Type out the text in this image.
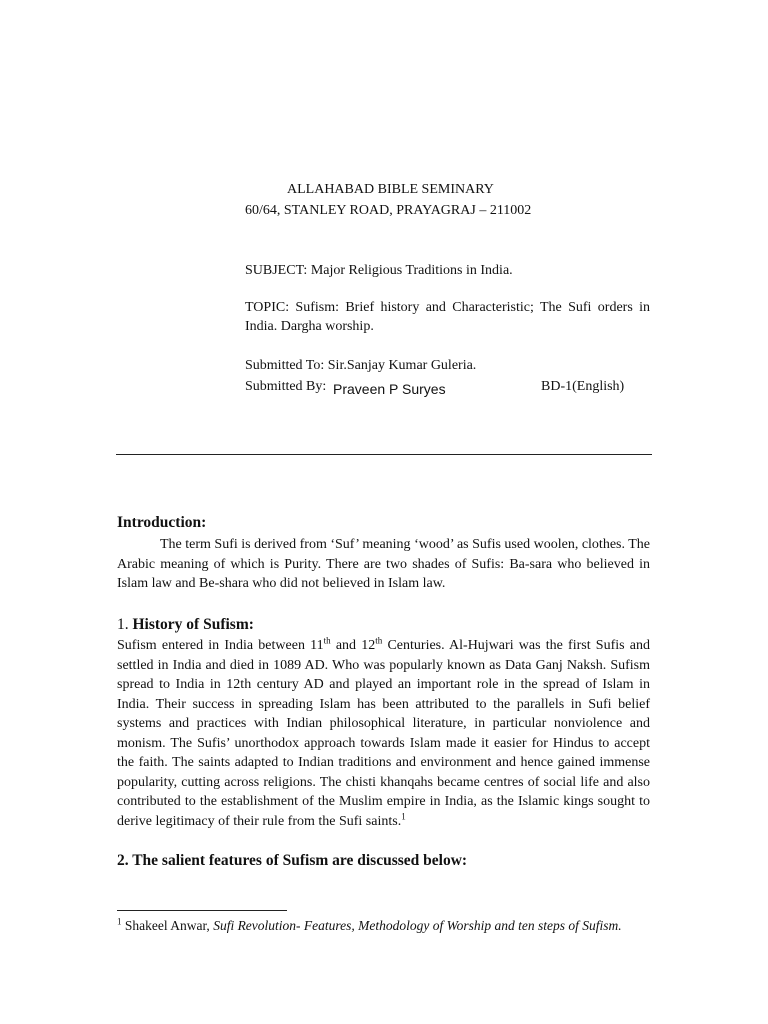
ALLAHABAD BIBLE SEMINARY
60/64, STANLEY ROAD, PRAYAGRAJ – 211002
SUBJECT: Major Religious Traditions in India.
TOPIC: Sufism: Brief history and Characteristic; The Sufi orders in India. Dargha worship.
Submitted To: Sir.Sanjay Kumar Guleria.
Submitted By: Praveen P Suryes	BD-1(English)
Introduction:
The term Sufi is derived from ‘Suf’ meaning ‘wood’ as Sufis used woolen, clothes. The Arabic meaning of which is Purity. There are two shades of Sufis: Ba-sara who believed in Islam law and Be-shara who did not believed in Islam law.
1. History of Sufism:
Sufism entered in India between 11th and 12th Centuries. Al-Hujwari was the first Sufis and settled in India and died in 1089 AD. Who was popularly known as Data Ganj Naksh. Sufism spread to India in 12th century AD and played an important role in the spread of Islam in India. Their success in spreading Islam has been attributed to the parallels in Sufi belief systems and practices with Indian philosophical literature, in particular nonviolence and monism. The Sufis’ unorthodox approach towards Islam made it easier for Hindus to accept the faith. The saints adapted to Indian traditions and environment and hence gained immense popularity, cutting across religions. The chisti khanqahs became centres of social life and also contributed to the establishment of the Muslim empire in India, as the Islamic kings sought to derive legitimacy of their rule from the Sufi saints.$^1$
2. The salient features of Sufism are discussed below:
$^1$ Shakeel Anwar, Sufi Revolution- Features, Methodology of Worship and ten steps of Sufism.
